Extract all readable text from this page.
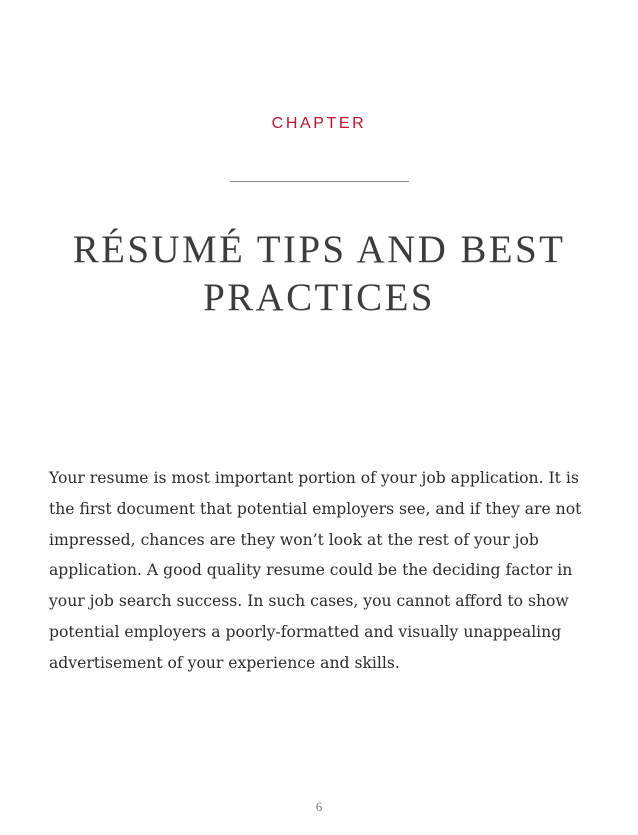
CHAPTER
RÉSUMÉ TIPS AND BEST PRACTICES

Your resume is most important portion of your job application. It is the first document that potential employers see, and if they are not impressed, chances are they won’t look at the rest of your job application. A good quality resume could be the deciding factor in your job search success. In such cases, you cannot afford to show potential employers a poorly-formatted and visually unappealing advertisement of your experience and skills.

6
